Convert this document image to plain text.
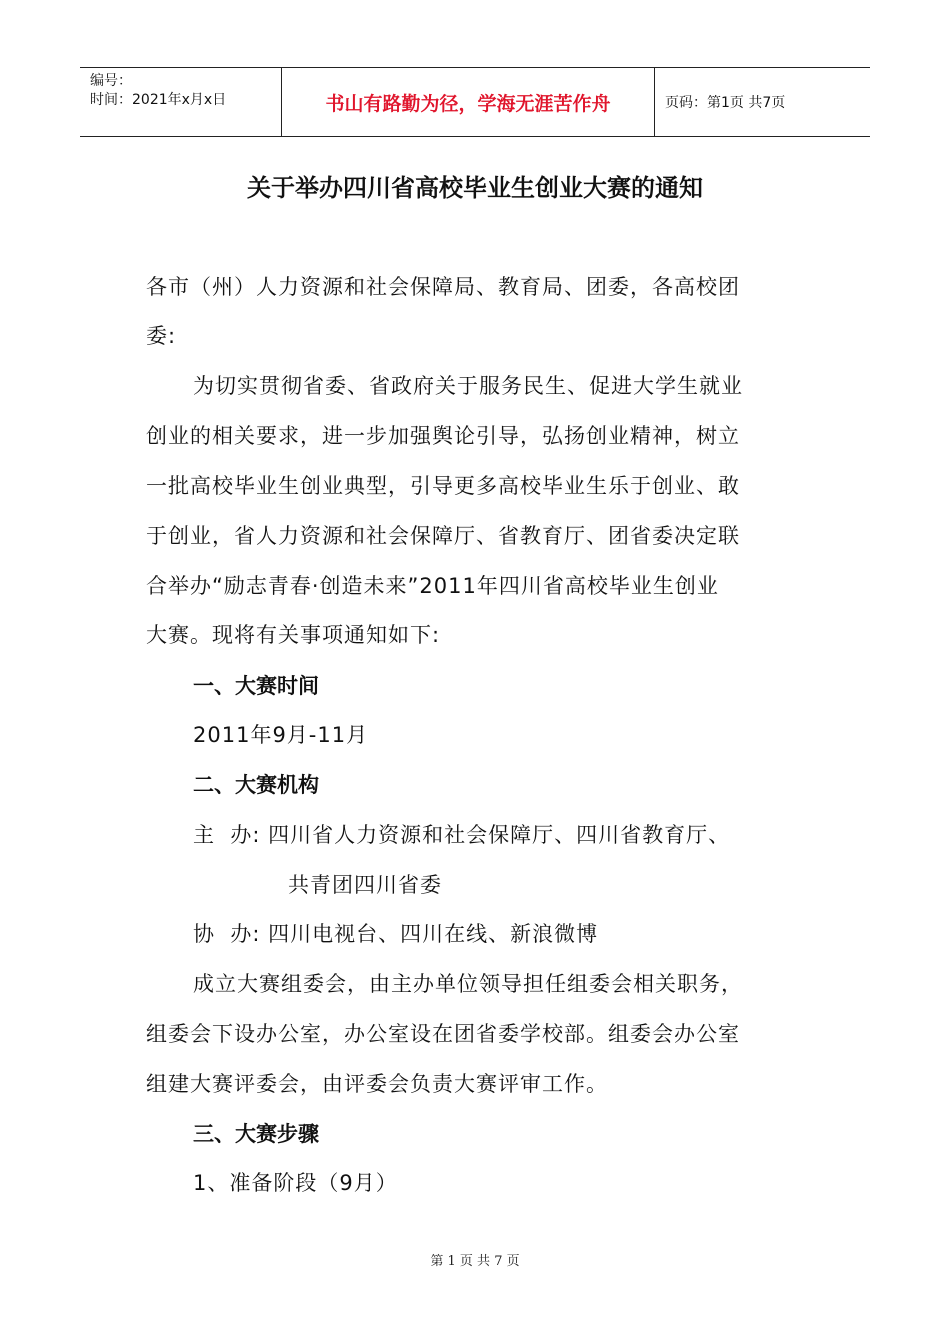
编号：
时间：2021年x月x日	书山有路勤为径，学海无涯苦作舟	页码：第1页 共7页
关于举办四川省高校毕业生创业大赛的通知
各市（州）人力资源和社会保障局、教育局、团委，各高校团
委:
为切实贯彻省委、省政府关于服务民生、促进大学生就业
创业的相关要求，进一步加强舆论引导，弘扬创业精神，树立
一批高校毕业生创业典型，引导更多高校毕业生乐于创业、敢
于创业，省人力资源和社会保障厅、省教育厅、团省委决定联
合举办“励志青春·创造未来”2011年四川省高校毕业生创业
大赛。现将有关事项通知如下:
一、大赛时间
2011年9月-11月
二、大赛机构
主  办: 四川省人力资源和社会保障厅、四川省教育厅、
共青团四川省委
协  办: 四川电视台、四川在线、新浪微博
成立大赛组委会，由主办单位领导担任组委会相关职务，
组委会下设办公室，办公室设在团省委学校部。组委会办公室
组建大赛评委会，由评委会负责大赛评审工作。
三、大赛步骤
1、准备阶段（9月）
第 1 页 共 7 页
